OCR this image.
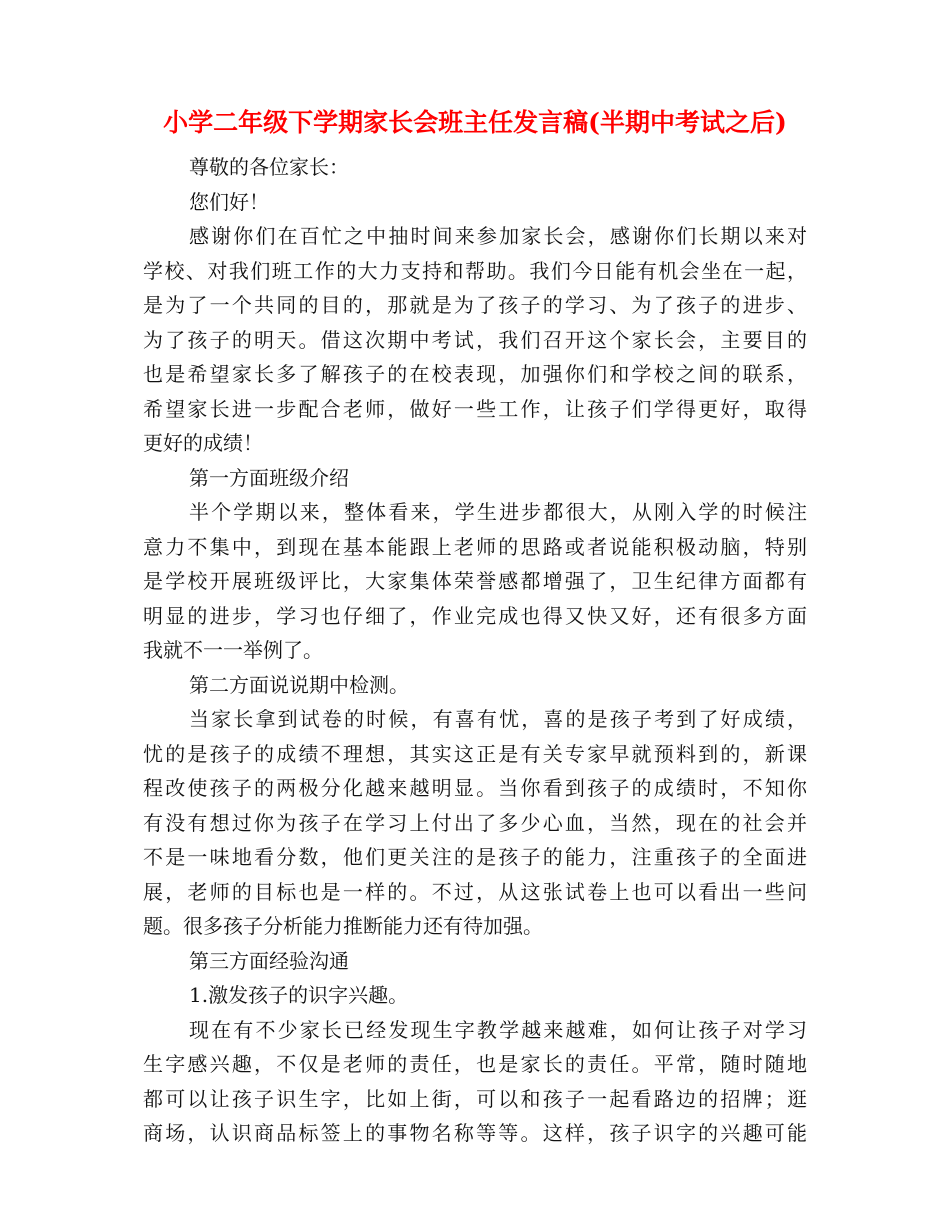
小学二年级下学期家长会班主任发言稿(半期中考试之后)
尊敬的各位家长：
您们好！
感谢你们在百忙之中抽时间来参加家长会，感谢你们长期以来对
学校、对我们班工作的大力支持和帮助。我们今日能有机会坐在一起，
是为了一个共同的目的，那就是为了孩子的学习、为了孩子的进步、
为了孩子的明天。借这次期中考试，我们召开这个家长会，主要目的
也是希望家长多了解孩子的在校表现，加强你们和学校之间的联系，
希望家长进一步配合老师，做好一些工作，让孩子们学得更好，取得
更好的成绩！
第一方面班级介绍
半个学期以来，整体看来，学生进步都很大，从刚入学的时候注
意力不集中，到现在基本能跟上老师的思路或者说能积极动脑，特别
是学校开展班级评比，大家集体荣誉感都增强了，卫生纪律方面都有
明显的进步，学习也仔细了，作业完成也得又快又好，还有很多方面
我就不一一举例了。
第二方面说说期中检测。
当家长拿到试卷的时候，有喜有忧，喜的是孩子考到了好成绩，
忧的是孩子的成绩不理想，其实这正是有关专家早就预料到的，新课
程改使孩子的两极分化越来越明显。当你看到孩子的成绩时，不知你
有没有想过你为孩子在学习上付出了多少心血，当然，现在的社会并
不是一味地看分数，他们更关注的是孩子的能力，注重孩子的全面进
展，老师的目标也是一样的。不过，从这张试卷上也可以看出一些问
题。很多孩子分析能力推断能力还有待加强。
第三方面经验沟通
1.激发孩子的识字兴趣。
现在有不少家长已经发现生字教学越来越难，如何让孩子对学习
生字感兴趣，不仅是老师的责任，也是家长的责任。平常，随时随地
都可以让孩子识生字，比如上街，可以和孩子一起看路边的招牌；逛
商场，认识商品标签上的事物名称等等。这样，孩子识字的兴趣可能
